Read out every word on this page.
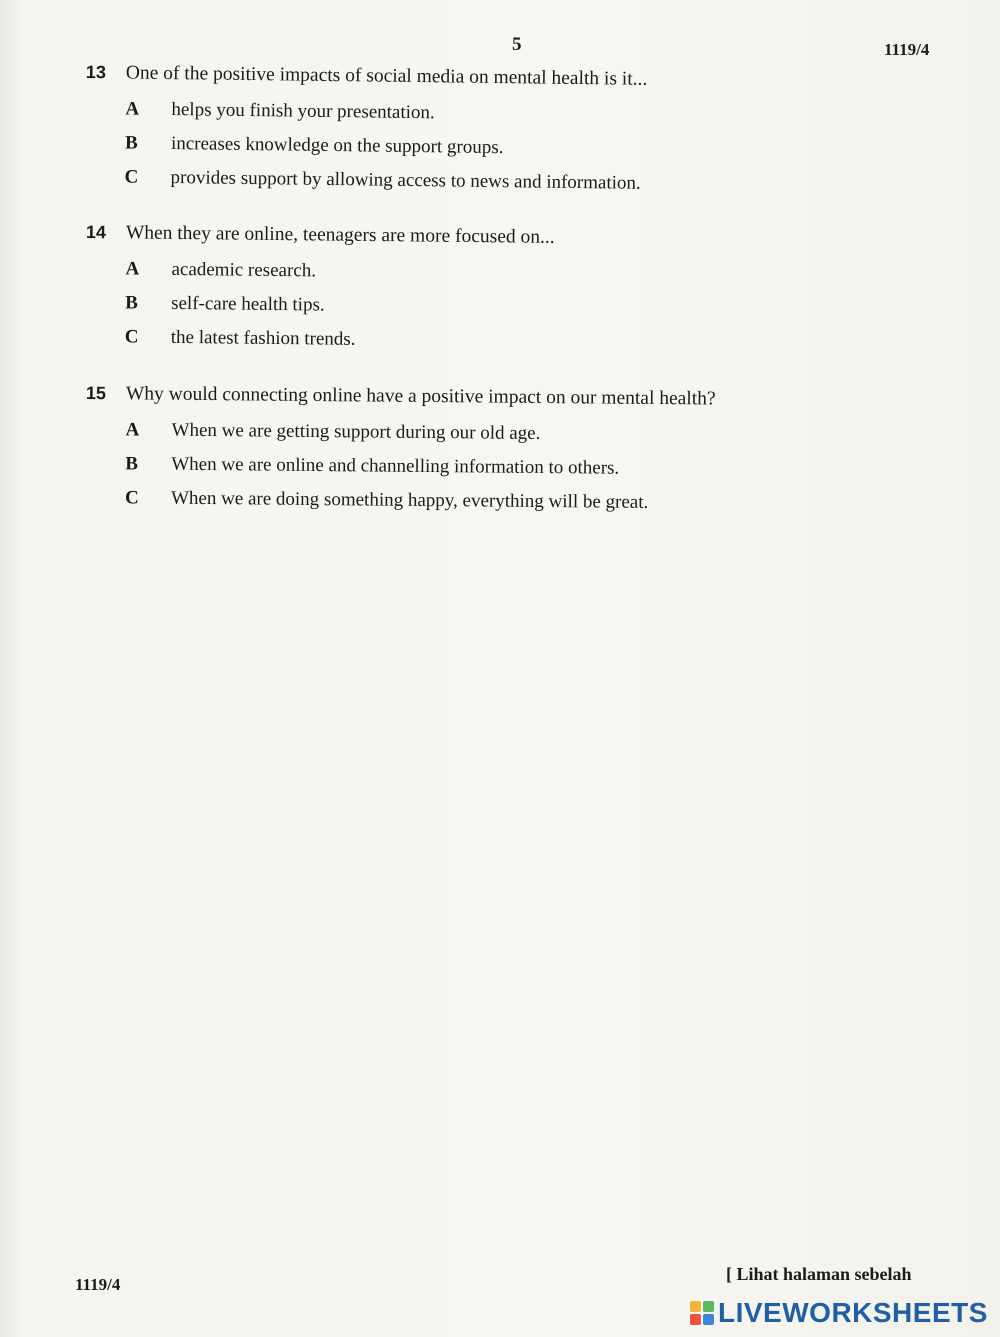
5	1119/4
13	One of the positive impacts of social media on mental health is it...
A	helps you finish your presentation.
B	increases knowledge on the support groups.
C	provides support by allowing access to news and information.
14	When they are online, teenagers are more focused on...
A	academic research.
B	self-care health tips.
C	the latest fashion trends.
15	Why would connecting online have a positive impact on our mental health?
A	When we are getting support during our old age.
B	When we are online and channelling information to others.
C	When we are doing something happy, everything will be great.
1119/4
[ Lihat halaman sebelah
LIVEWORKSHEETS
